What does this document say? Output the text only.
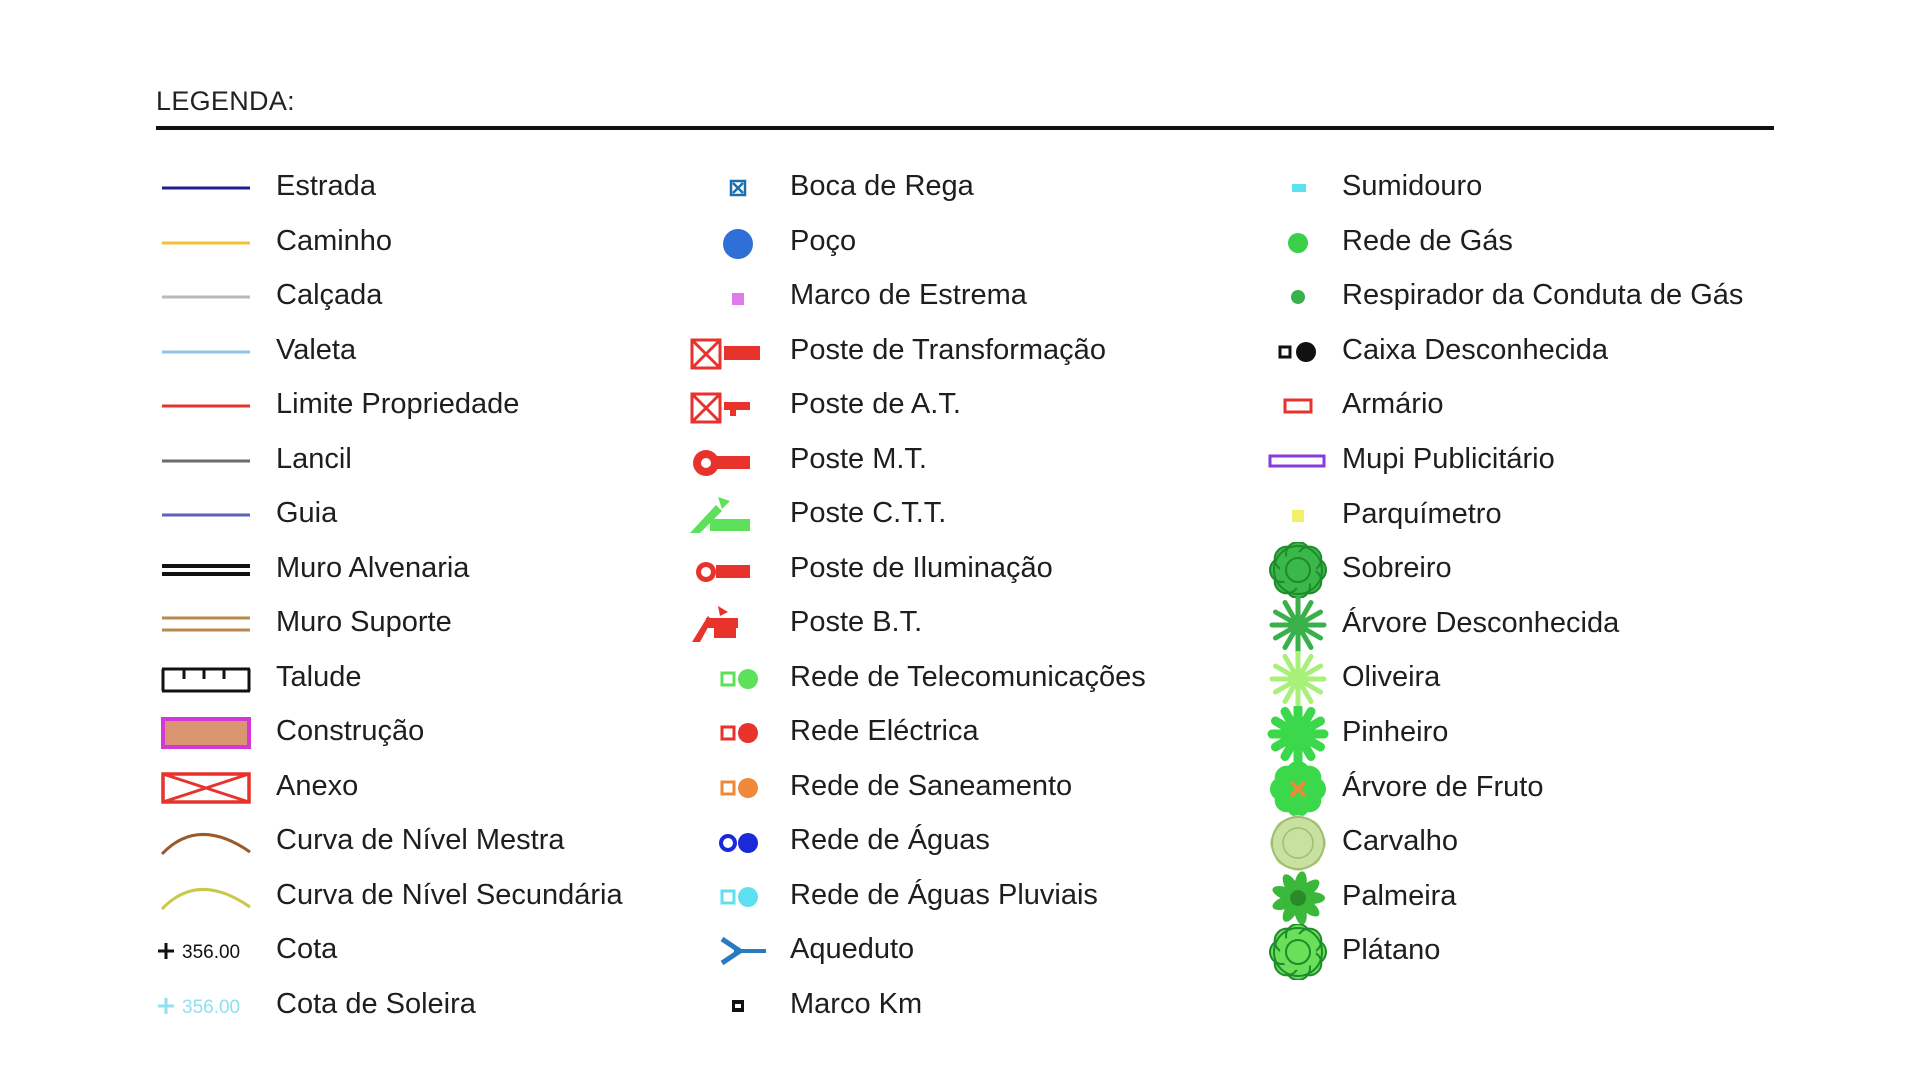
LEGENDA:
Estrada
Caminho
Calçada
Valeta
Limite Propriedade
Lancil
Guia
Muro Alvenaria
Muro Suporte
Talude
Construção
Anexo
Curva de Nível Mestra
Curva de Nível Secundária
356.00 Cota
356.00 Cota de Soleira
Boca de Rega
Poço
Marco de Estrema
Poste de Transformação
Poste de A.T.
Poste M.T.
Poste C.T.T.
Poste de Iluminação
Poste B.T.
Rede de Telecomunicações
Rede Eléctrica
Rede de Saneamento
Rede de Águas
Rede de Águas Pluviais
Aqueduto
Marco Km
Sumidouro
Rede de Gás
Respirador da Conduta de Gás
Caixa Desconhecida
Armário
Mupi Publicitário
Parquímetro
Sobreiro
Árvore Desconhecida
Oliveira
Pinheiro
Árvore de Fruto
Carvalho
Palmeira
Plátano
